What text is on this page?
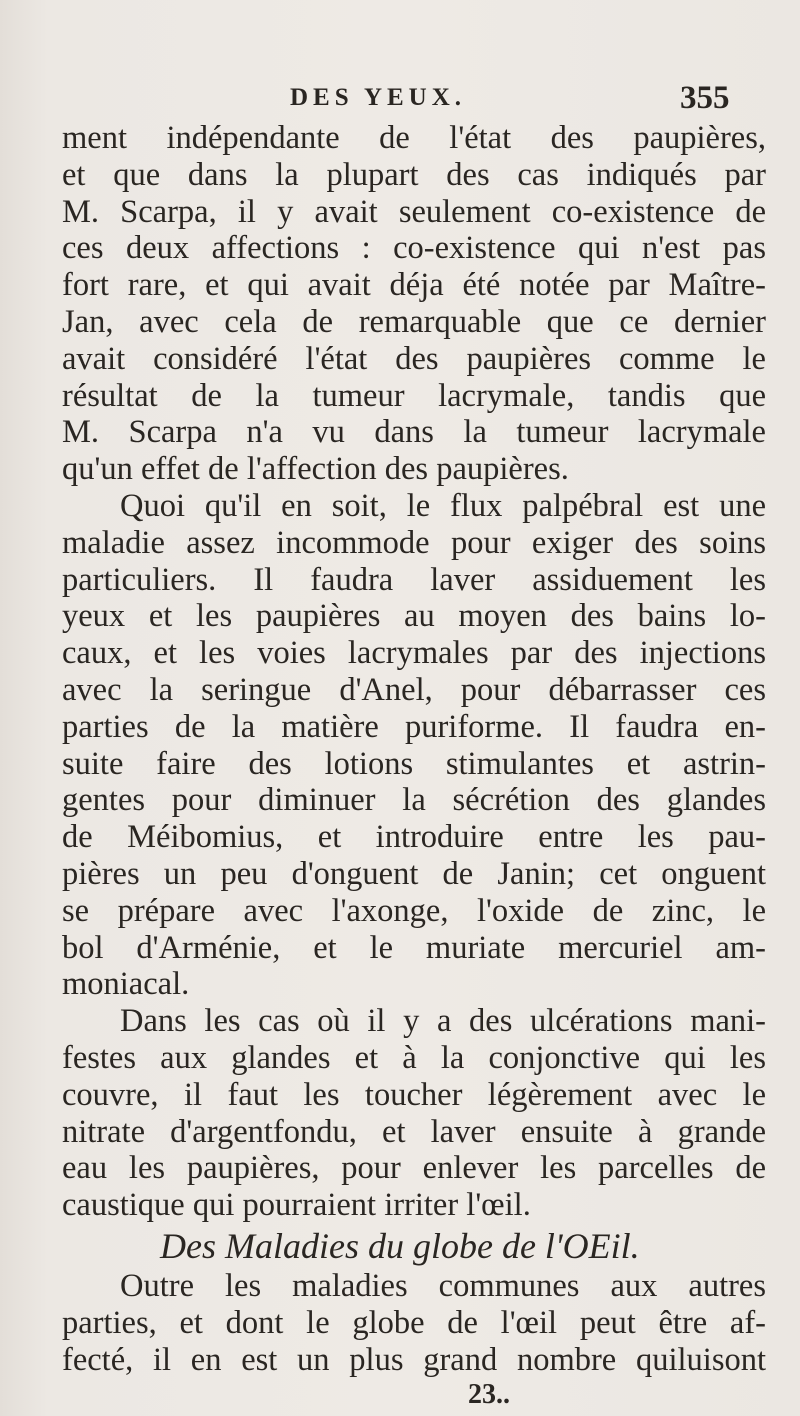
DES YEUX.	355
ment indépendante de l'état des paupières,
et que dans la plupart des cas indiqués par
M. Scarpa, il y avait seulement co-existence de
ces deux affections : co-existence qui n'est pas
fort rare, et qui avait déja été notée par Maître-
Jan, avec cela de remarquable que ce dernier
avait considéré l'état des paupières comme le
résultat de la tumeur lacrymale, tandis que
M. Scarpa n'a vu dans la tumeur lacrymale
qu'un effet de l'affection des paupières.
Quoi qu'il en soit, le flux palpébral est une
maladie assez incommode pour exiger des soins
particuliers. Il faudra laver assiduement les
yeux et les paupières au moyen des bains lo-
caux, et les voies lacrymales par des injections
avec la seringue d'Anel, pour débarrasser ces
parties de la matière puriforme. Il faudra en-
suite faire des lotions stimulantes et astrin-
gentes pour diminuer la sécrétion des glandes
de Méibomius, et introduire entre les pau-
pières un peu d'onguent de Janin; cet onguent
se prépare avec l'axonge, l'oxide de zinc, le
bol d'Arménie, et le muriate mercuriel am-
moniacal.
Dans les cas où il y a des ulcérations mani-
festes aux glandes et à la conjonctive qui les
couvre, il faut les toucher légèrement avec le
nitrate d'argentfondu, et laver ensuite à grande
eau les paupières, pour enlever les parcelles de
caustique qui pourraient irriter l'œil.
Des Maladies du globe de l'OEil.
Outre les maladies communes aux autres
parties, et dont le globe de l'œil peut être af-
fecté, il en est un plus grand nombre quiluisont
23..
